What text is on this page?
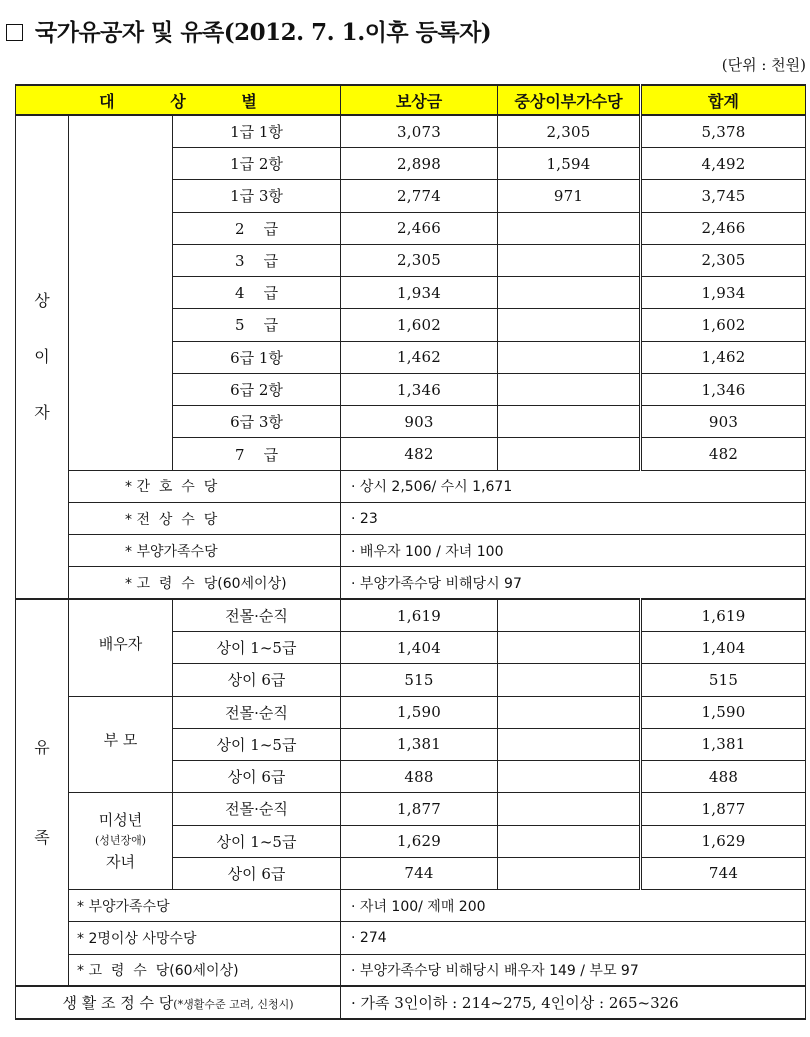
국가유공자 및 유족(2012. 7. 1.이후 등록자)
(단위 : 천원)
대          상          별			보상금	중상이부가수당	합계

상
이
자		1급 1항	3,073	2,305	5,378
		1급 2항	2,898	1,594	4,492
		1급 3항	2,774	971	3,745
		2    급	2,466		2,466
		3    급	2,305		2,305
		4    급	1,934		1,934
		5    급	1,602		1,602
		6급 1항	1,462		1,462
		6급 2항	1,346		1,346
		6급 3항	903		903
		7    급	482		482
	* 간  호  수  당		· 상시 2,506/ 수시 1,671		
	* 전  상  수  당		· 23		
	* 부양가족수당		· 배우자 100 / 자녀 100		
	* 고  령  수  당(60세이상)		· 부양가족수당 비해당시 97		

유
족	배우자	전몰·순직	1,619		1,619
		상이 1~5급	1,404		1,404
		상이 6급	515		515

	부 모	전몰·순직	1,590		1,590
		상이 1~5급	1,381		1,381
		상이 6급	488		488

	미성년
(성년장애)
자녀	전몰·순직	1,877		1,877
		상이 1~5급	1,629		1,629
		상이 6급	744		744
	* 부양가족수당		· 자녀 100/ 제매 200		
	* 2명이상 사망수당		· 274		
	* 고  령  수  당(60세이상)		· 부양가족수당 비해당시 배우자 149 / 부모 97		
생 활 조 정 수 당(*생활수준 고려, 신청시)			· 가족 3인이하 : 214~275, 4인이상 : 265~326		
